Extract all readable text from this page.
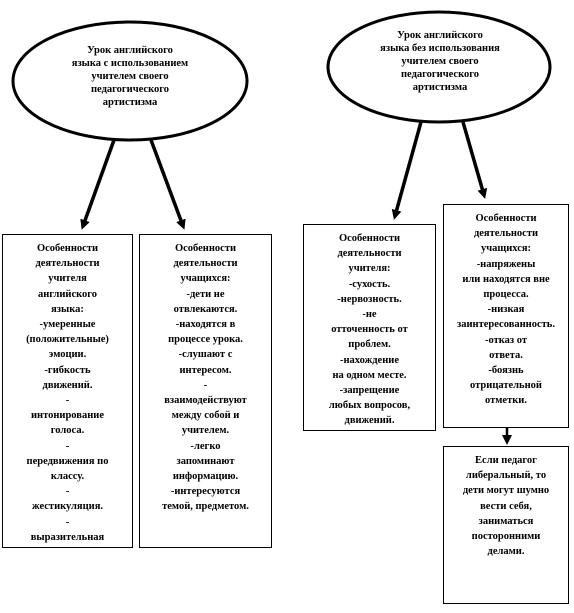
Урок английского
языка с использованием
учителем своего
педагогического
артистизма
Урок английского
языка без использования
учителем своего
педагогического
артистизма
Особенности
деятельности
учителя
английского
языка:
-умеренные
(положительные)
эмоции.
-гибкость
движений.
-
интонирование
голоса.
-
передвижения по
классу.
-
жестикуляция.
-
выразительная
Особенности
деятельности
учащихся:
-дети не
отвлекаются.
-находятся в
процессе урока.
-слушают с
интересом.
-
взаимодействуют
между собой и
учителем.
-легко
запоминают
информацию.
-интересуются
темой, предметом.
Особенности
деятельности
учителя:
-сухость.
-нервозность.
-не
отточенность от
проблем.
-нахождение
на одном месте.
-запрещение
любых вопросов,
движений.
Особенности
деятельности
учащихся:
-напряжены
или находятся вне
процесса.
-низкая
заинтересованность.
-отказ от
ответа.
-боязнь
отрицательной
отметки.
Если педагог
либеральный, то
дети могут шумно
вести себя,
заниматься
посторонними
делами.
